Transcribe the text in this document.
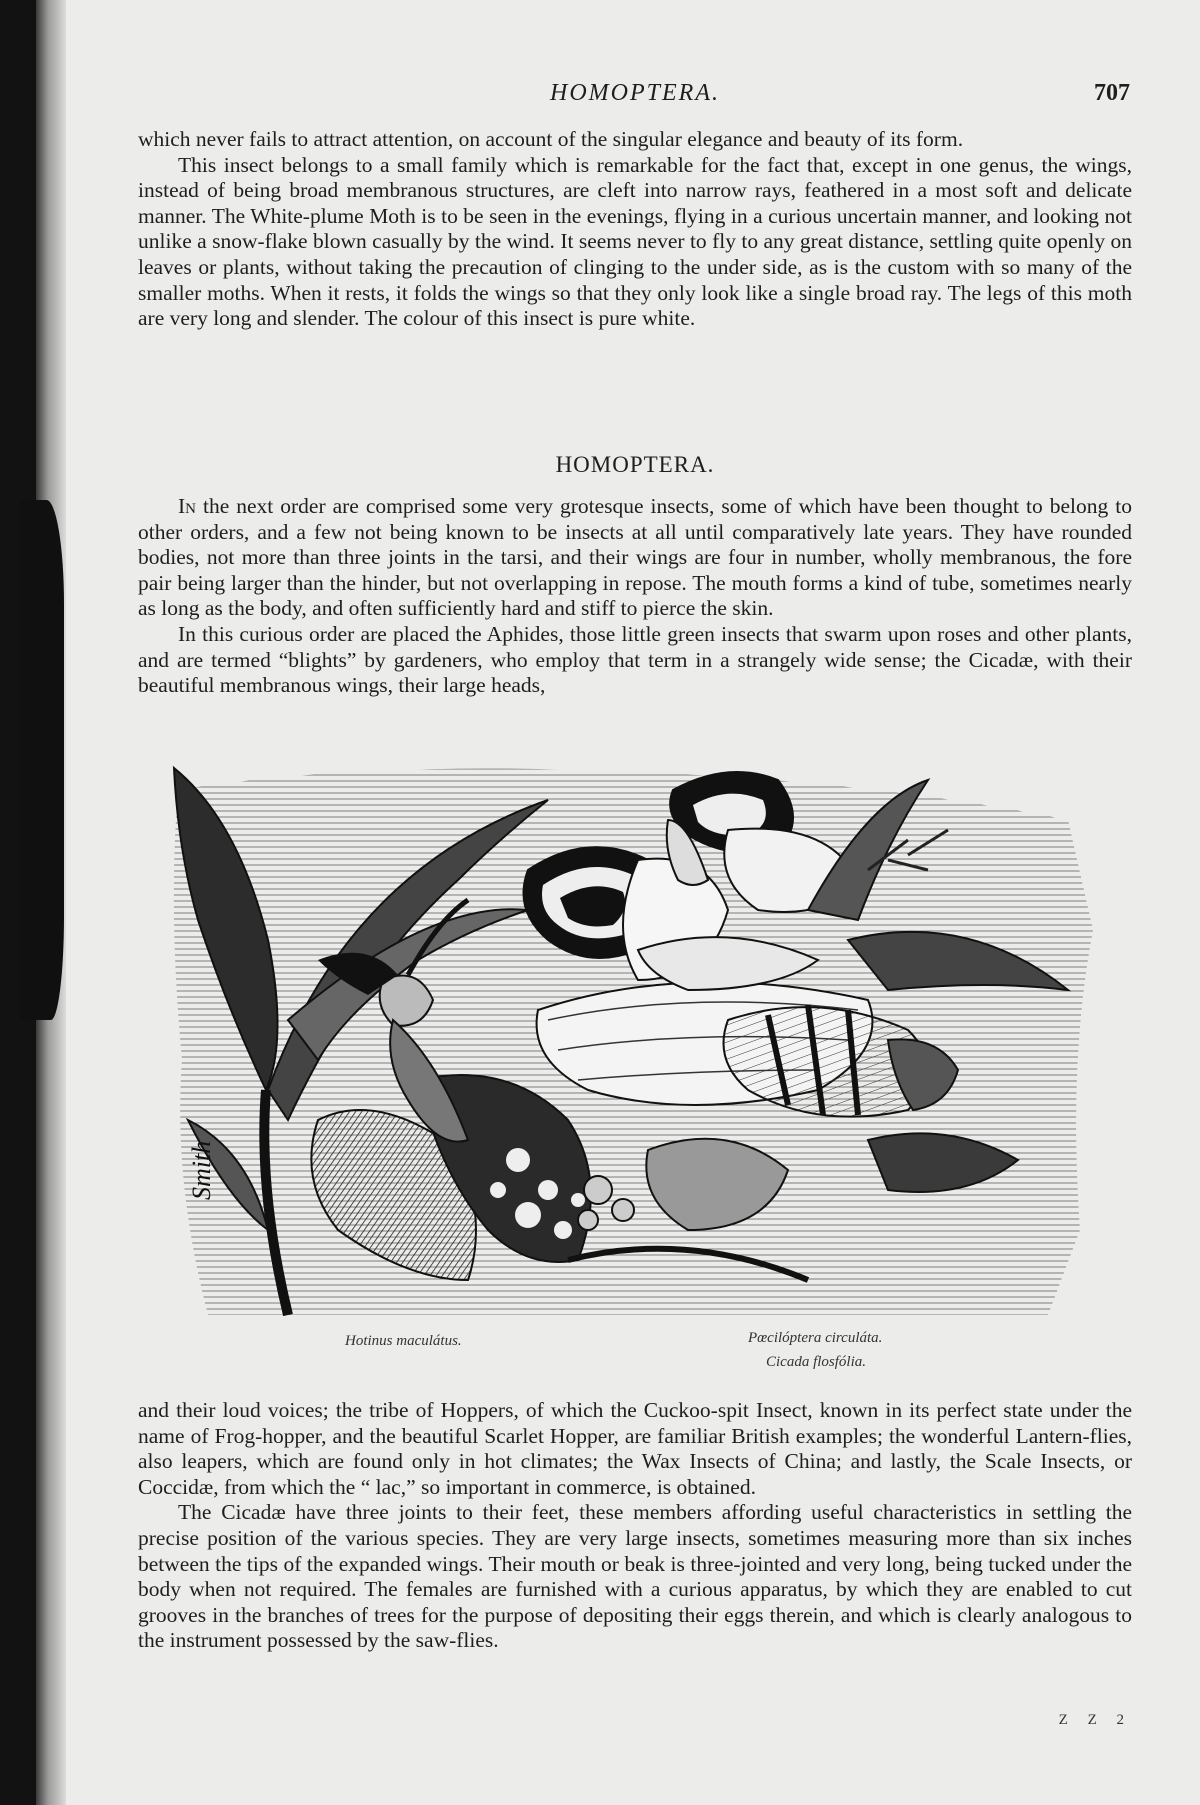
HOMOPTERA.	707

which never fails to attract attention, on account of the singular elegance and beauty of its form.

This insect belongs to a small family which is remarkable for the fact that, except in one genus, the wings, instead of being broad membranous structures, are cleft into narrow rays, feathered in a most soft and delicate manner. The White-plume Moth is to be seen in the evenings, flying in a curious uncertain manner, and looking not unlike a snow-flake blown casually by the wind. It seems never to fly to any great distance, settling quite openly on leaves or plants, without taking the precaution of clinging to the under side, as is the custom with so many of the smaller moths. When it rests, it folds the wings so that they only look like a single broad ray. The legs of this moth are very long and slender. The colour of this insect is pure white.

HOMOPTERA.

In the next order are comprised some very grotesque insects, some of which have been thought to belong to other orders, and a few not being known to be insects at all until comparatively late years. They have rounded bodies, not more than three joints in the tarsi, and their wings are four in number, wholly membranous, the fore pair being larger than the hinder, but not overlapping in repose. The mouth forms a kind of tube, sometimes nearly as long as the body, and often sufficiently hard and stiff to pierce the skin.

In this curious order are placed the Aphides, those little green insects that swarm upon roses and other plants, and are termed “blights” by gardeners, who employ that term in a strangely wide sense; the Cicadæ, with their beautiful membranous wings, their large heads,

Smith
Hotinus maculátus.	Pœcilóptera circuláta.
Cicada flosfólia.

and their loud voices; the tribe of Hoppers, of which the Cuckoo-spit Insect, known in its perfect state under the name of Frog-hopper, and the beautiful Scarlet Hopper, are familiar British examples; the wonderful Lantern-flies, also leapers, which are found only in hot climates; the Wax Insects of China; and lastly, the Scale Insects, or Coccidæ, from which the “ lac,” so important in commerce, is obtained.

The Cicadæ have three joints to their feet, these members affording useful characteristics in settling the precise position of the various species. They are very large insects, sometimes measuring more than six inches between the tips of the expanded wings. Their mouth or beak is three-jointed and very long, being tucked under the body when not required. The females are furnished with a curious apparatus, by which they are enabled to cut grooves in the branches of trees for the purpose of depositing their eggs therein, and which is clearly analogous to the instrument possessed by the saw-flies.

Z Z 2
